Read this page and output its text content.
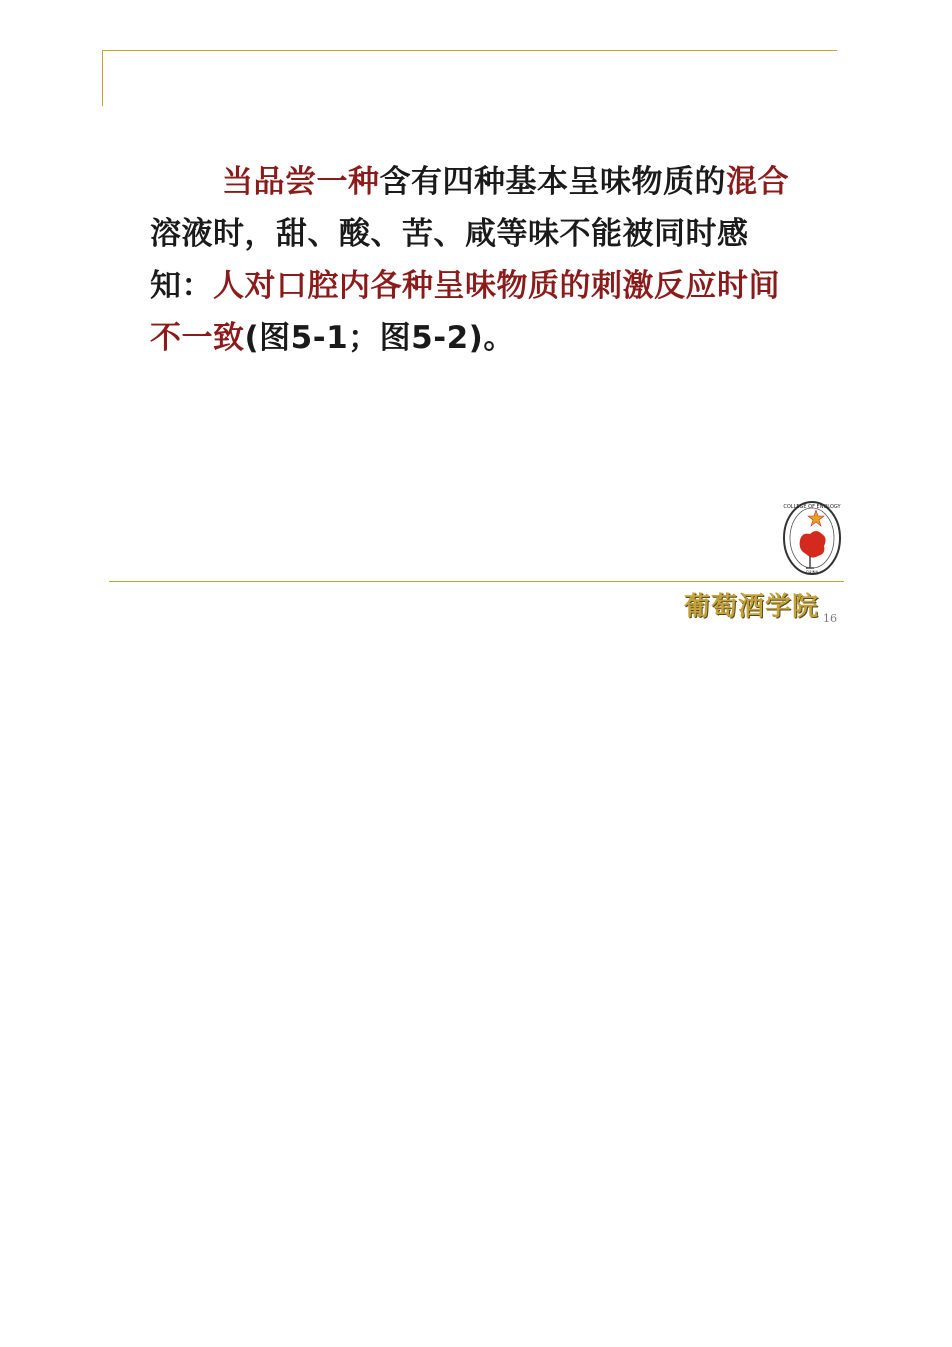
当品尝一种含有四种基本呈味物质的混合溶液时，甜、酸、苦、咸等味不能被同时感知：人对口腔内各种呈味物质的刺激反应时间不一致(图5-1；图5-2)。

COLLEGE OF ENOLOGY
CHINA
葡萄酒学院 16
